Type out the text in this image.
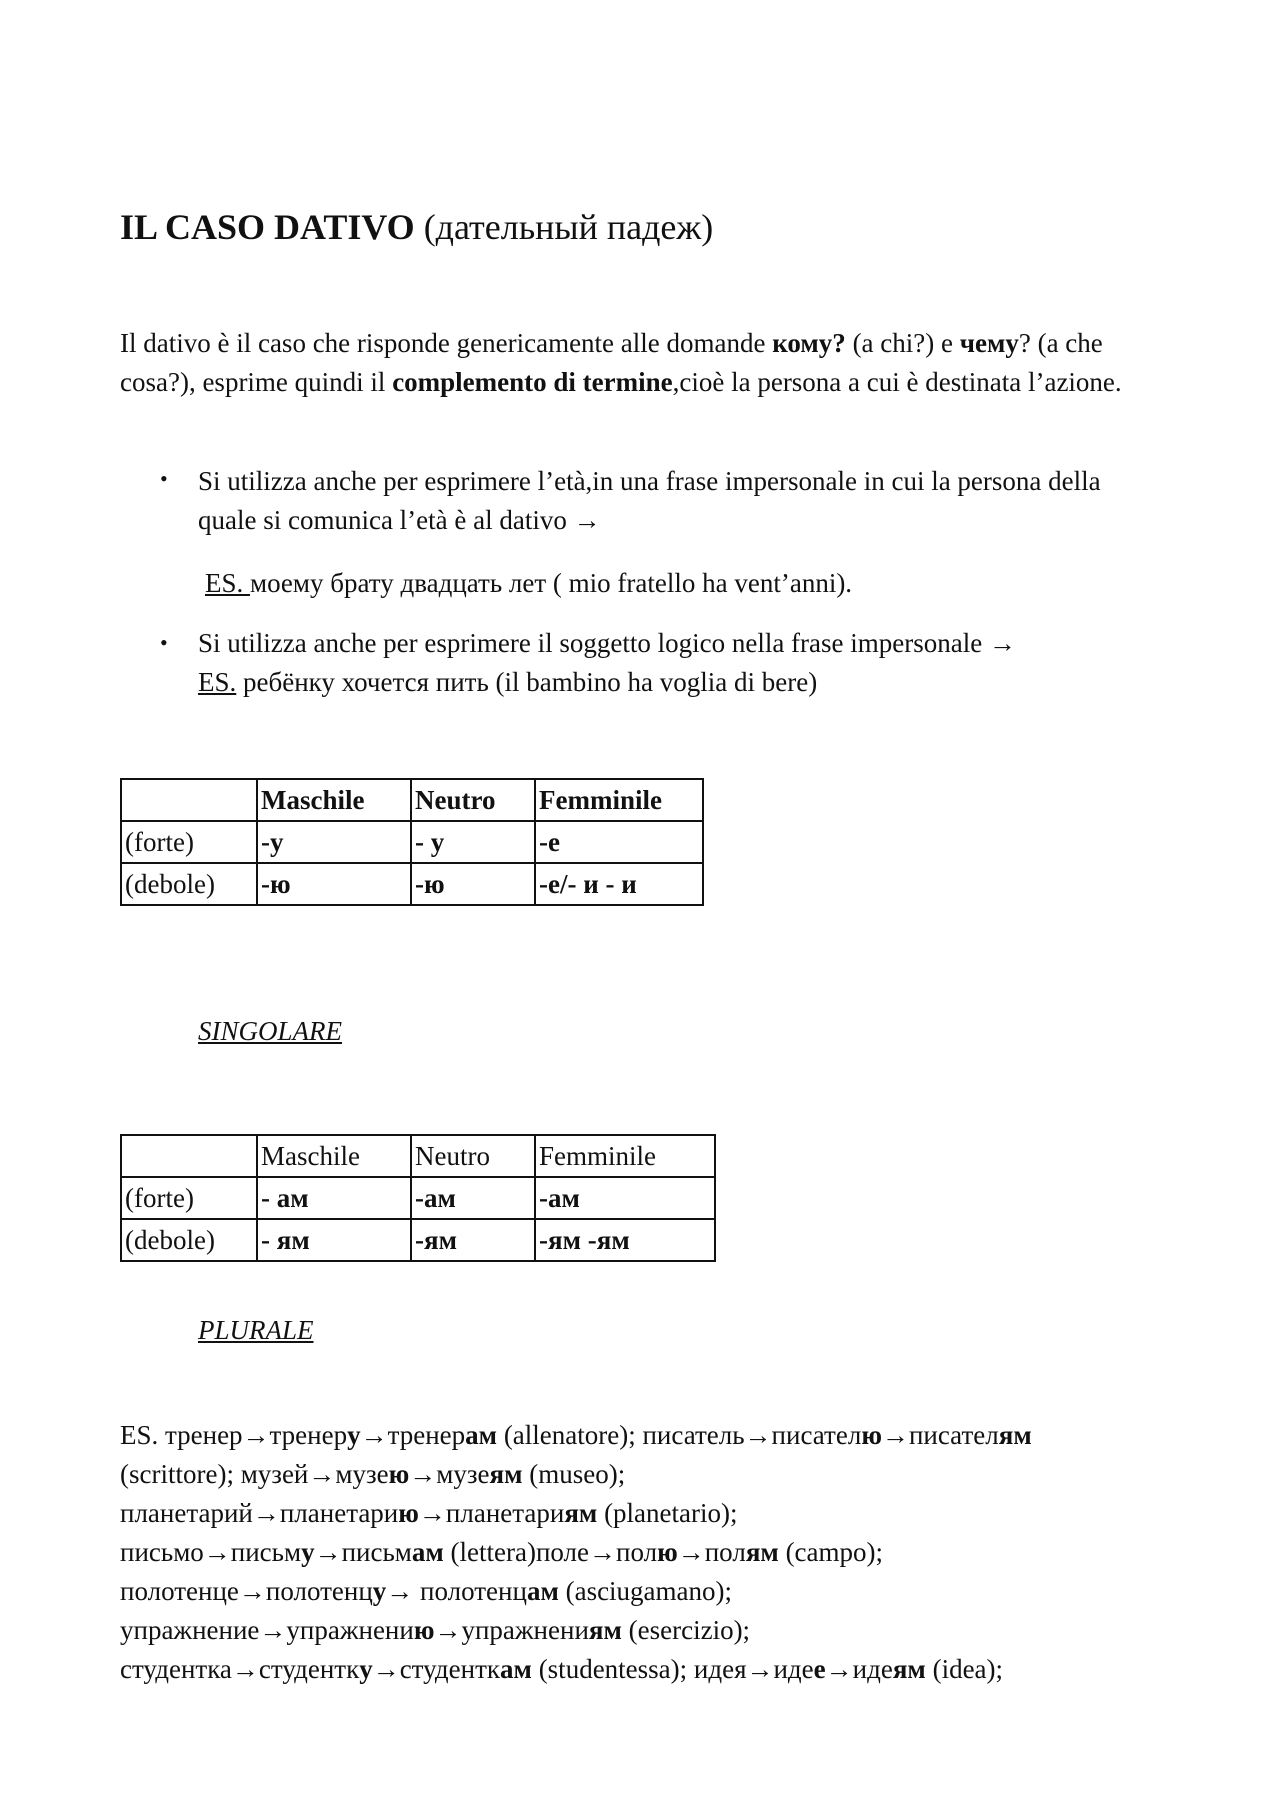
IL CASO DATIVO (дательный падеж)
Il dativo è il caso che risponde genericamente alle domande кому? (a chi?) е чему? (a che cosa?), esprime quindi il complemento di termine,cioè la persona a cui è destinata l’azione.
• Si utilizza anche per esprimere l’età,in una frase impersonale in cui la persona della quale si comunica l’età è al dativo →
ES. моему брату двадцать лет ( mio fratello ha vent’anni).
• Si utilizza anche per esprimere il soggetto logico nella frase impersonale →
ES. ребёнку хочется пить (il bambino ha voglia di bere)
	Maschile	Neutro	Femminile
(forte)	-у	- у	-е
(debole)	-ю	-ю	-е/- и - и
SINGOLARE
	Maschile	Neutro	Femminile
(forte)	- ам	-ам	-ам
(debole)	- ям	-ям	-ям -ям
PLURALE
ES. тренер→тренеру→тренерам (allenatore); писатель→писателю→писателям
(scrittore); музей→музею→музеям (museo);
планетарий→планетарию→планетариям (planetario);
письмо→письму→письмам (lettera)поле→полю→полям (campo);
полотенце→полотенцу→ полотенцам (asciugamano);
упражнение→упражнению→упражнениям (esercizio);
студентка→студентку→студенткам (studentessa); идея→идее→идеям (idea);
